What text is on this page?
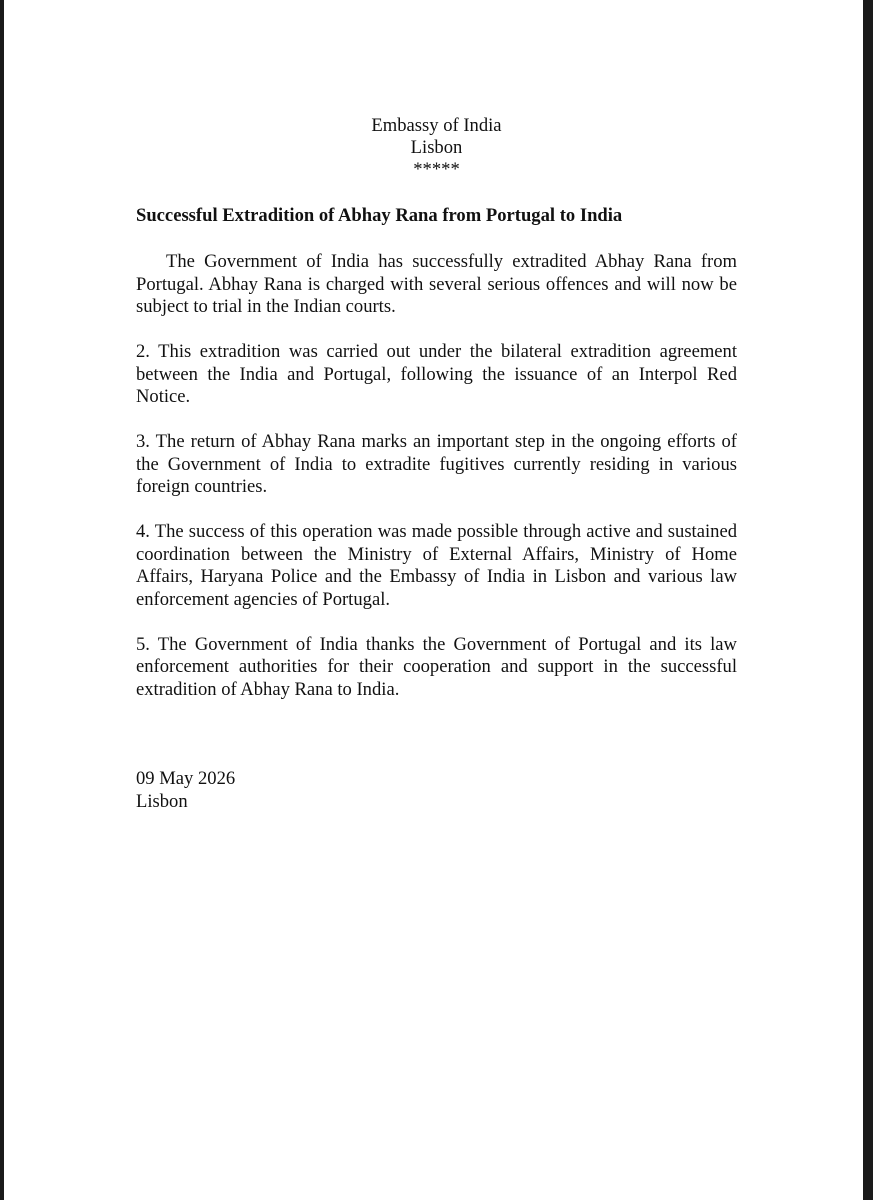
Embassy of India
Lisbon
*****
Successful Extradition of Abhay Rana from Portugal to India

The Government of India has successfully extradited Abhay Rana from Portugal. Abhay Rana is charged with several serious offences and will now be subject to trial in the Indian courts.

2. This extradition was carried out under the bilateral extradition agreement between the India and Portugal, following the issuance of an Interpol Red Notice.

3. The return of Abhay Rana marks an important step in the ongoing efforts of the Government of India to extradite fugitives currently residing in various foreign countries.

4. The success of this operation was made possible through active and sustained coordination between the Ministry of External Affairs, Ministry of Home Affairs, Haryana Police and the Embassy of India in Lisbon and various law enforcement agencies of Portugal.

5. The Government of India thanks the Government of Portugal and its law enforcement authorities for their cooperation and support in the successful extradition of Abhay Rana to India.

09 May 2026
Lisbon
